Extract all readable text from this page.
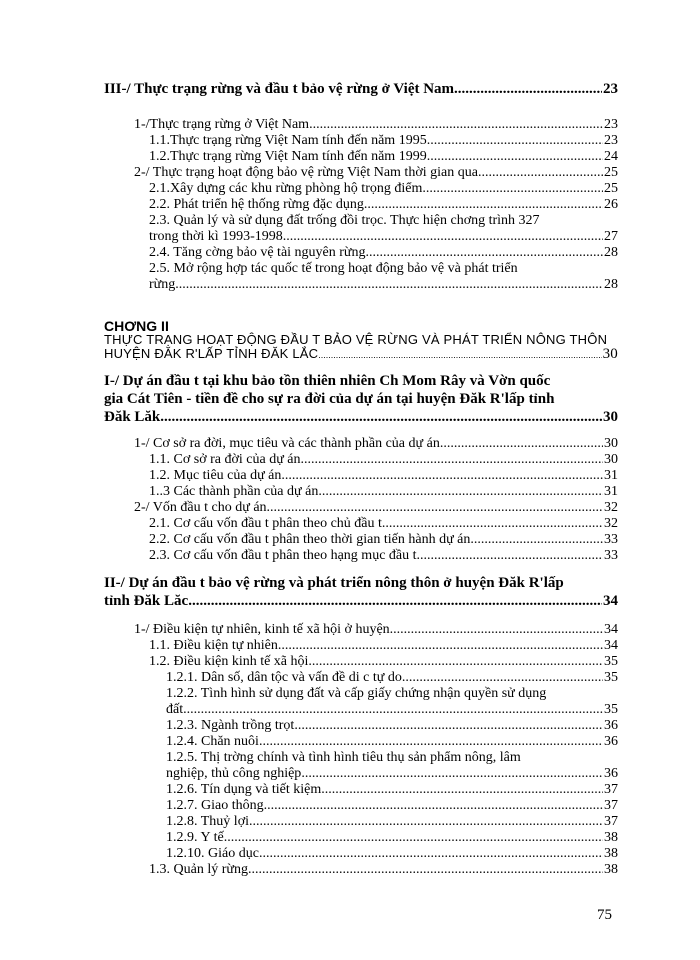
III-/ Thực trạng rừng và đầu t bảo vệ rừng ở Việt Nam .....	23
1-/Thực trạng rừng ở Việt Nam .....	23
1.1.Thực trạng rừng Việt Nam tính đến năm 1995 .....	23
1.2.Thực trạng rừng Việt Nam tính đến năm 1999 .....	24
2-/ Thực trạng hoạt động bảo vệ rừng Việt Nam thời gian qua .....	25
2.1.Xây dựng các khu rừng phòng hộ trọng điểm .....	25
2.2. Phát triển hệ thống rừng đặc dụng .....	26
2.3. Quản lý và sử dụng đất trống đồi trọc. Thực hiện chơng trình 327
trong thời kì 1993-1998. .....	27
2.4. Tăng cờng bảo vệ tài nguyên rừng .....	28
2.5. Mở rộng hợp tác quốc tế trong hoạt động bảo vệ và phát triển
rừng .....	28
CHƠNG II
THỰC TRẠNG HOẠT ĐỘNG ĐẦU T BẢO VỆ RỪNG VÀ PHÁT TRIỂN NÔNG THÔN
HUYỆN ĐĂK R'LẤP TỈNH ĐĂK LẮC .....	30
I-/ Dự án đầu t tại khu bảo tồn thiên nhiên Ch Mom Rây và Vờn quốc
gia Cát Tiên - tiền đề cho sự ra đời của dự án tại huyện Đăk R'lấp tỉnh
Đăk Lăk .....	30
1-/ Cơ sở ra đời, mục tiêu và các thành phần của dự án .....	30
1.1. Cơ sở ra đời của dự án .....	30
1.2. Mục tiêu của dự án .....	31
1..3 Các thành phần của dự án .....	31
2-/ Vốn đầu t cho dự án .....	32
2.1. Cơ cấu vốn đầu t phân theo chủ đầu t .....	32
2.2. Cơ cấu vốn đầu t phân theo thời gian tiến hành dự án .....	33
2.3. Cơ cấu vốn đầu t phân theo hạng mục đầu t .....	33
II-/ Dự án đầu t bảo vệ rừng và phát triển nông thôn ở huyện Đăk R'lấp
tỉnh Đăk Lăc .....	34
1-/ Điều kiện tự nhiên, kinh tế xã hội ở huyện .....	34
1.1. Điều kiện tự nhiên .....	34
1.2. Điều kiện kinh tế xã hội .....	35
1.2.1. Dân số, dân tộc và vấn đề di c tự do .....	35
1.2.2. Tình hình sử dụng đất và cấp giấy chứng nhận quyền sử dụng
đất .....	35
1.2.3. Ngành trồng trọt .....	36
1.2.4. Chăn nuôi .....	36
1.2.5. Thị trờng chính và tình hình tiêu thụ sản phẩm nông, lâm
nghiệp, thủ công nghiệp .....	36
1.2.6. Tín dụng và tiết kiệm .....	37
1.2.7. Giao thông .....	37
1.2.8. Thuỷ lợi .....	37
1.2.9. Y tế .....	38
1.2.10. Giáo dục .....	38
1.3. Quản lý rừng .....	38
75
